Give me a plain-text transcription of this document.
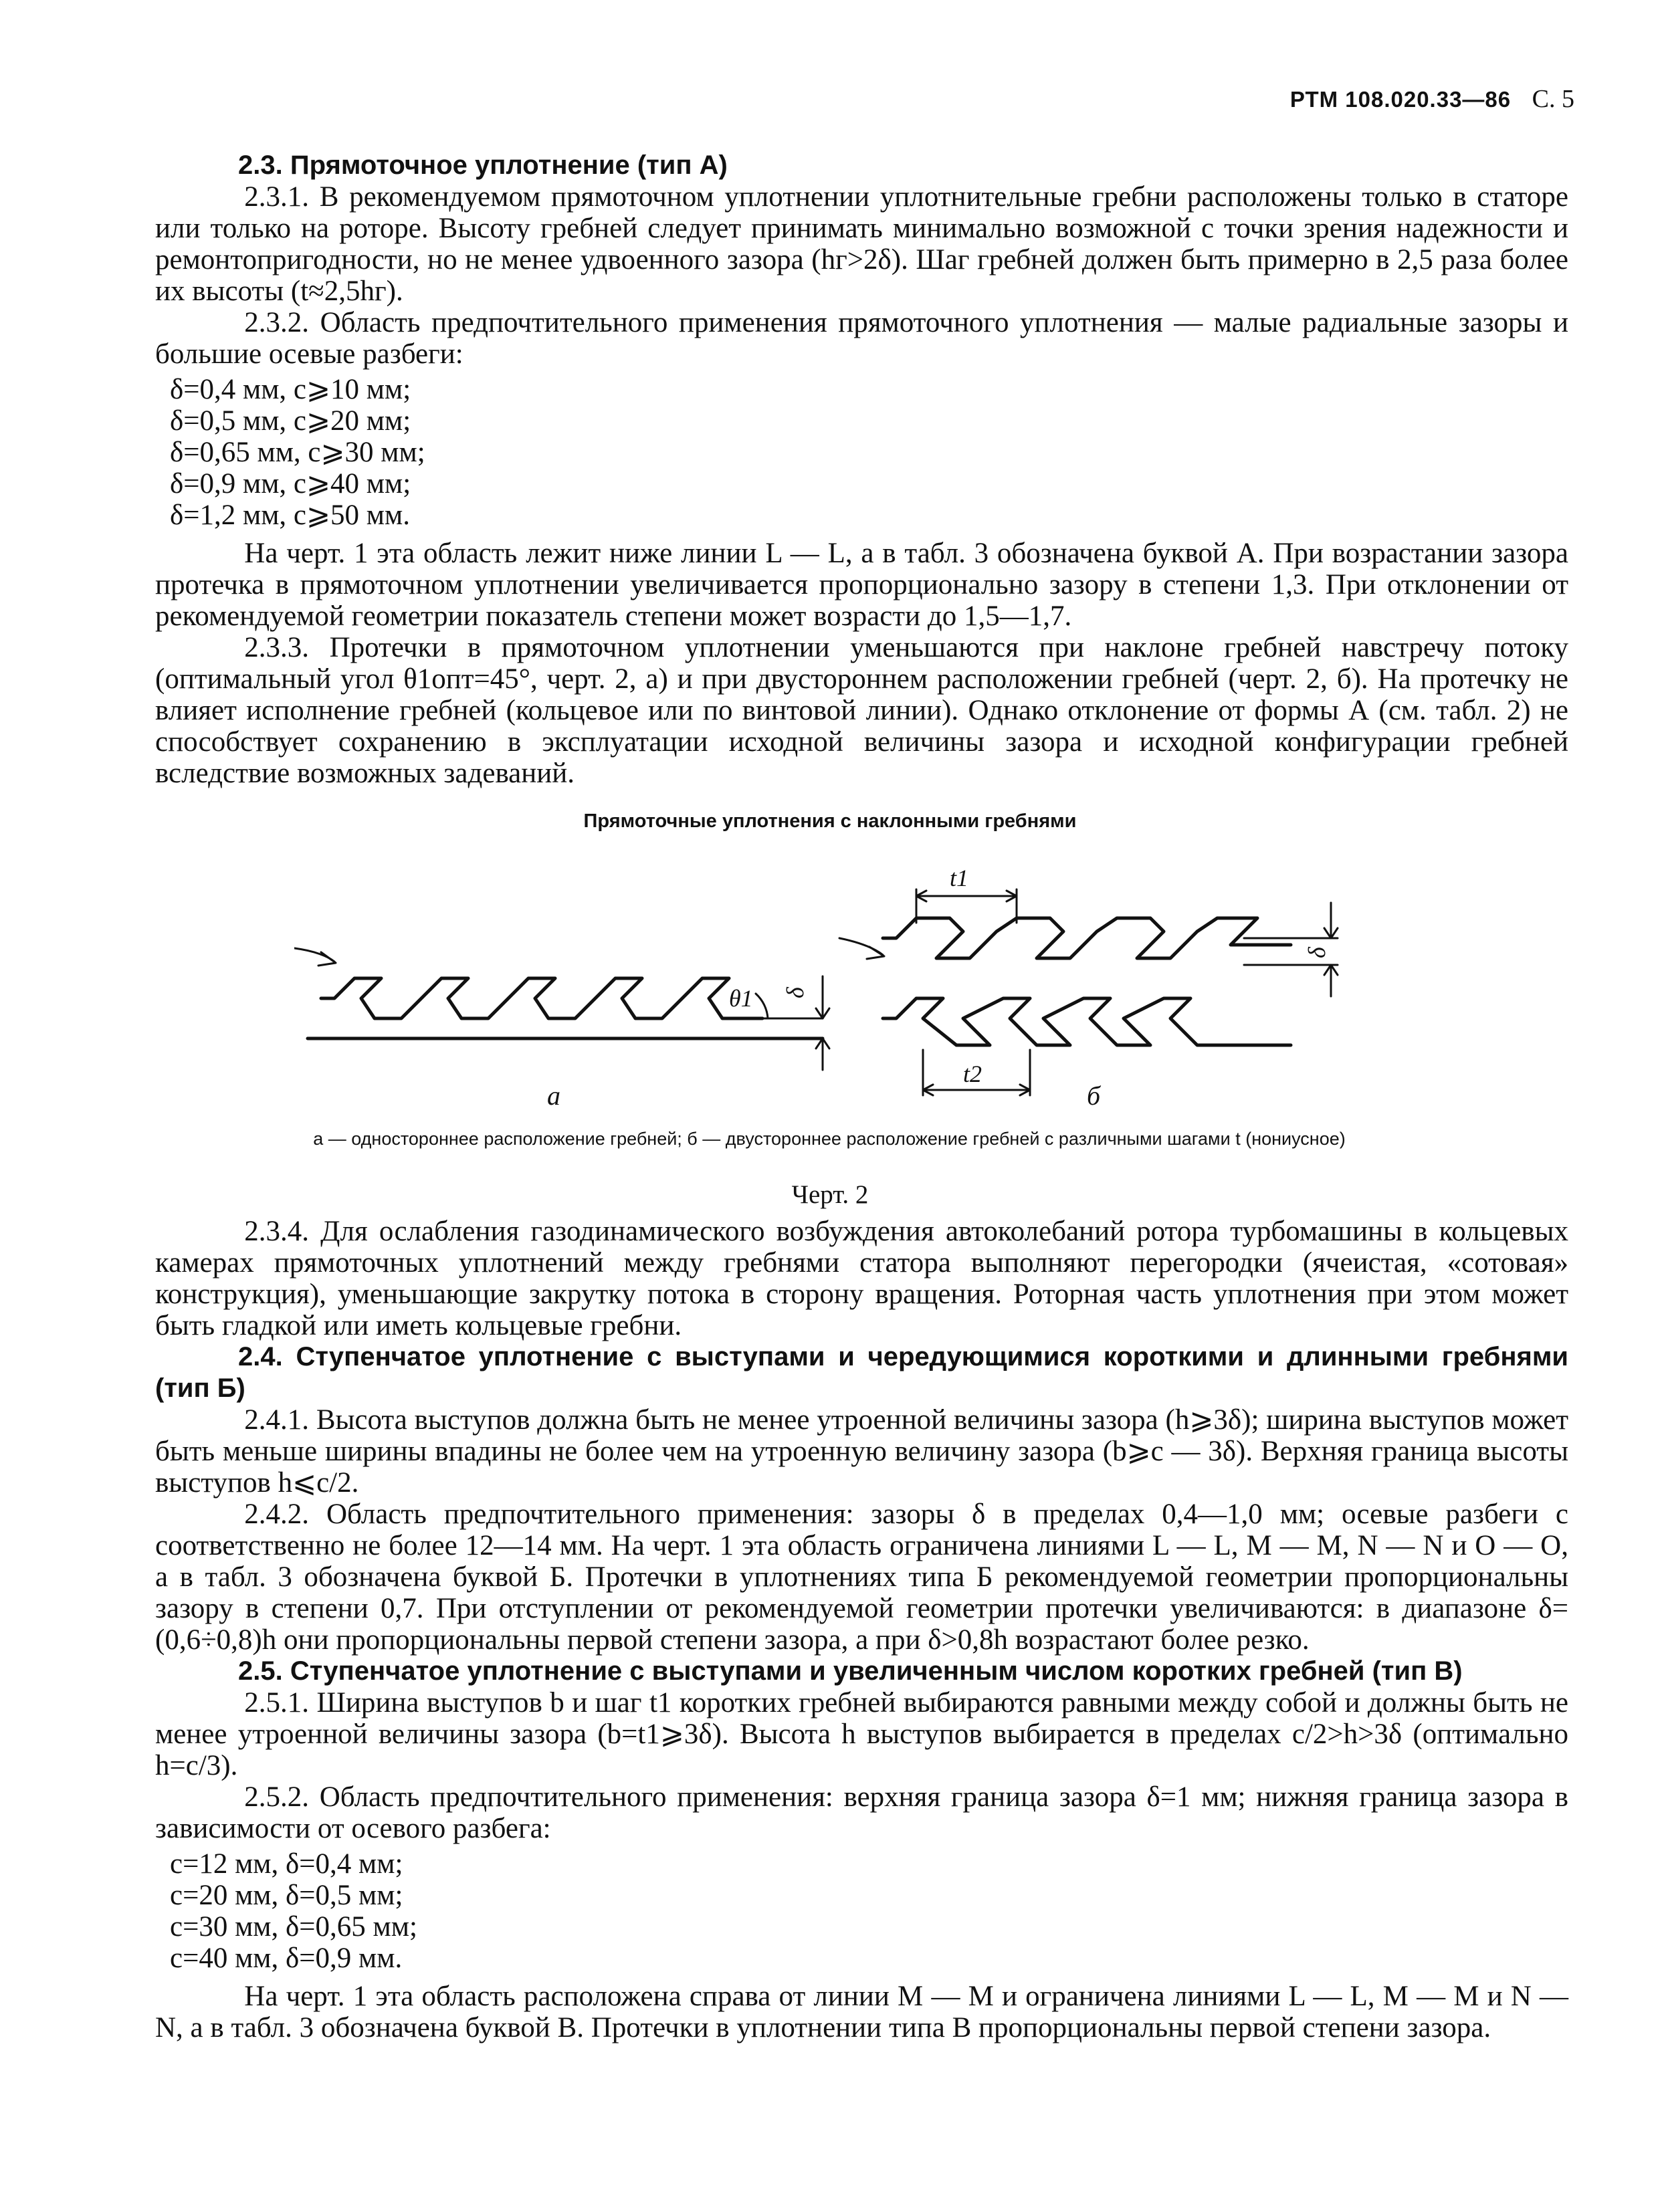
РТМ 108.020.33—86 С. 5

2.3. Прямоточное уплотнение (тип А)

2.3.1. В рекомендуемом прямоточном уплотнении уплотнительные гребни расположены только в статоре или только на роторе. Высоту гребней следует принимать минимально возможной с точки зрения надежности и ремонтопригодности, но не менее удвоенного зазора (hг>2δ). Шаг гребней должен быть примерно в 2,5 раза более их высоты (t≈2,5hг).

2.3.2. Область предпочтительного применения прямоточного уплотнения — малые радиальные зазоры и большие осевые разбеги:

δ=0,4 мм, c⩾10 мм;
δ=0,5 мм, c⩾20 мм;
δ=0,65 мм, c⩾30 мм;
δ=0,9 мм, c⩾40 мм;
δ=1,2 мм, c⩾50 мм.

На черт. 1 эта область лежит ниже линии L — L, а в табл. 3 обозначена буквой А. При возрастании зазора протечка в прямоточном уплотнении увеличивается пропорционально зазору в степени 1,3. При отклонении от рекомендуемой геометрии показатель степени может возрасти до 1,5—1,7.

2.3.3. Протечки в прямоточном уплотнении уменьшаются при наклоне гребней навстречу потоку (оптимальный угол θ1опт=45°, черт. 2, а) и при двустороннем расположении гребней (черт. 2, б). На протечку не влияет исполнение гребней (кольцевое или по винтовой линии). Однако отклонение от формы А (см. табл. 2) не способствует сохранению в эксплуатации исходной величины зазора и исходной конфигурации гребней вследствие возможных задеваний.

Прямоточные уплотнения с наклонными гребнями
θ1 δ
t1
t2
δ
а	б
а — одностороннее расположение гребней; б — двустороннее расположение гребней с различными шагами t (нониусное)
Черт. 2

2.3.4. Для ослабления газодинамического возбуждения автоколебаний ротора турбомашины в кольцевых камерах прямоточных уплотнений между гребнями статора выполняют перегородки (ячеистая, «сотовая» конструкция), уменьшающие закрутку потока в сторону вращения. Роторная часть уплотнения при этом может быть гладкой или иметь кольцевые гребни.

2.4. Ступенчатое уплотнение с выступами и чередующимися короткими и длинными гребнями (тип Б)

2.4.1. Высота выступов должна быть не менее утроенной величины зазора (h⩾3δ); ширина выступов может быть меньше ширины впадины не более чем на утроенную величину зазора (b⩾c — 3δ). Верхняя граница высоты выступов h⩽c/2.

2.4.2. Область предпочтительного применения: зазоры δ в пределах 0,4—1,0 мм; осевые разбеги c соответственно не более 12—14 мм. На черт. 1 эта область ограничена линиями L — L, M — M, N — N и O — O, а в табл. 3 обозначена буквой Б. Протечки в уплотнениях типа Б рекомендуемой геометрии пропорциональны зазору в степени 0,7. При отступлении от рекомендуемой геометрии протечки увеличиваются: в диапазоне δ=(0,6÷0,8)h они пропорциональны первой степени зазора, а при δ>0,8h возрастают более резко.

2.5. Ступенчатое уплотнение с выступами и увеличенным числом коротких гребней (тип В)

2.5.1. Ширина выступов b и шаг t1 коротких гребней выбираются равными между собой и должны быть не менее утроенной величины зазора (b=t1⩾3δ). Высота h выступов выбирается в пределах c/2>h>3δ (оптимально h=c/3).

2.5.2. Область предпочтительного применения: верхняя граница зазора δ=1 мм; нижняя граница зазора в зависимости от осевого разбега:

c=12 мм, δ=0,4 мм;
c=20 мм, δ=0,5 мм;
c=30 мм, δ=0,65 мм;
c=40 мм, δ=0,9 мм.

На черт. 1 эта область расположена справа от линии M — M и ограничена линиями L — L, M — M и N — N, а в табл. 3 обозначена буквой В. Протечки в уплотнении типа В пропорциональны первой степени зазора.
